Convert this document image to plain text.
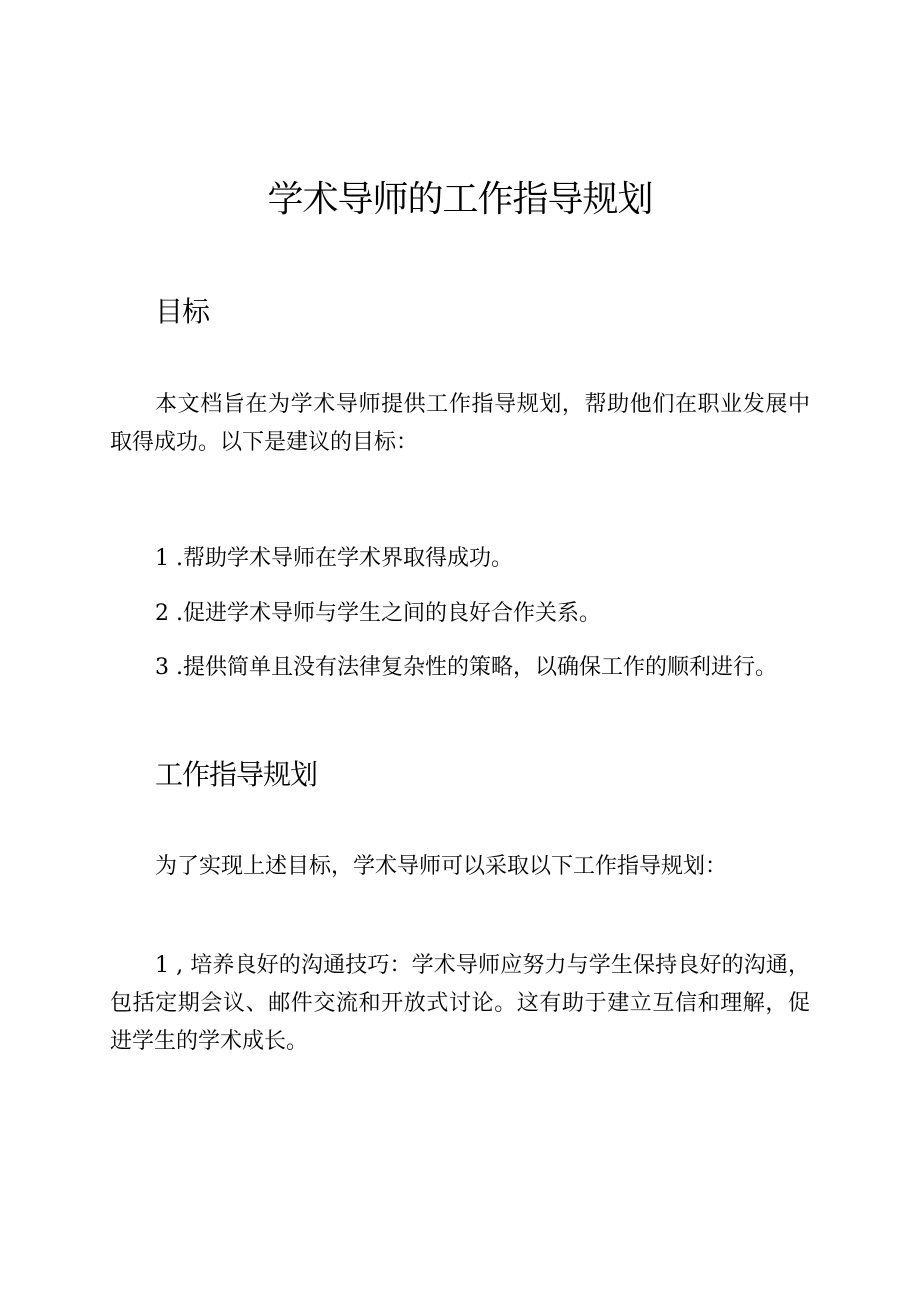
学术导师的工作指导规划
目标

本文档旨在为学术导师提供工作指导规划，帮助他们在职业发展中取得成功。以下是建议的目标：

1 .帮助学术导师在学术界取得成功。

2 .促进学术导师与学生之间的良好合作关系。

3 .提供简单且没有法律复杂性的策略，以确保工作的顺利进行。

工作指导规划

为了实现上述目标，学术导师可以采取以下工作指导规划：

1 , 培养良好的沟通技巧：学术导师应努力与学生保持良好的沟通，包括定期会议、邮件交流和开放式讨论。这有助于建立互信和理解，促进学生的学术成长。
